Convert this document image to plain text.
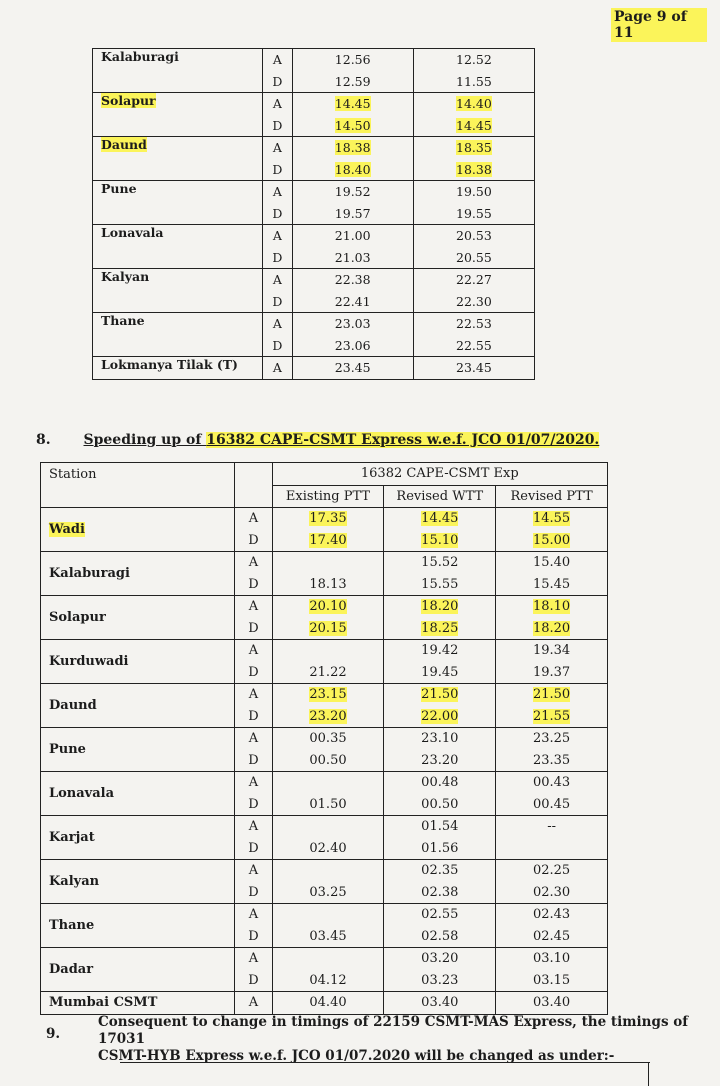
Page 9 of 11
Kalaburagi	A	12.56	12.52
	D	12.59	11.55
Solapur	A	14.45	14.40
	D	14.50	14.45
Daund	A	18.38	18.35
	D	18.40	18.38
Pune	A	19.52	19.50
	D	19.57	19.55
Lonavala	A	21.00	20.53
	D	21.03	20.55
Kalyan	A	22.38	22.27
	D	22.41	22.30
Thane	A	23.03	22.53
	D	23.06	22.55
Lokmanya Tilak (T)	A	23.45	23.45
8. Speeding up of 16382 CAPE-CSMT Express w.e.f. JCO 01/07/2020.
Station		16382 CAPE-CSMT Exp		
		Existing PTT	Revised WTT	Revised PTT
Wadi	A	17.35	14.45	14.55
	D	17.40	15.10	15.00
Kalaburagi	A		15.52	15.40
	D	18.13	15.55	15.45
Solapur	A	20.10	18.20	18.10
	D	20.15	18.25	18.20
Kurduwadi	A		19.42	19.34
	D	21.22	19.45	19.37
Daund	A	23.15	21.50	21.50
	D	23.20	22.00	21.55
Pune	A	00.35	23.10	23.25
	D	00.50	23.20	23.35
Lonavala	A		00.48	00.43
	D	01.50	00.50	00.45
Karjat	A		01.54	--
	D	02.40	01.56	
Kalyan	A		02.35	02.25
	D	03.25	02.38	02.30
Thane	A		02.55	02.43
	D	03.45	02.58	02.45
Dadar	A		03.20	03.10
	D	04.12	03.23	03.15
Mumbai CSMT	A	04.40	03.40	03.40
9.
Consequent to change in timings of 22159 CSMT-MAS Express, the timings of 17031
CSMT-HYB Express w.e.f. JCO 01/07.2020 will be changed as under:-
